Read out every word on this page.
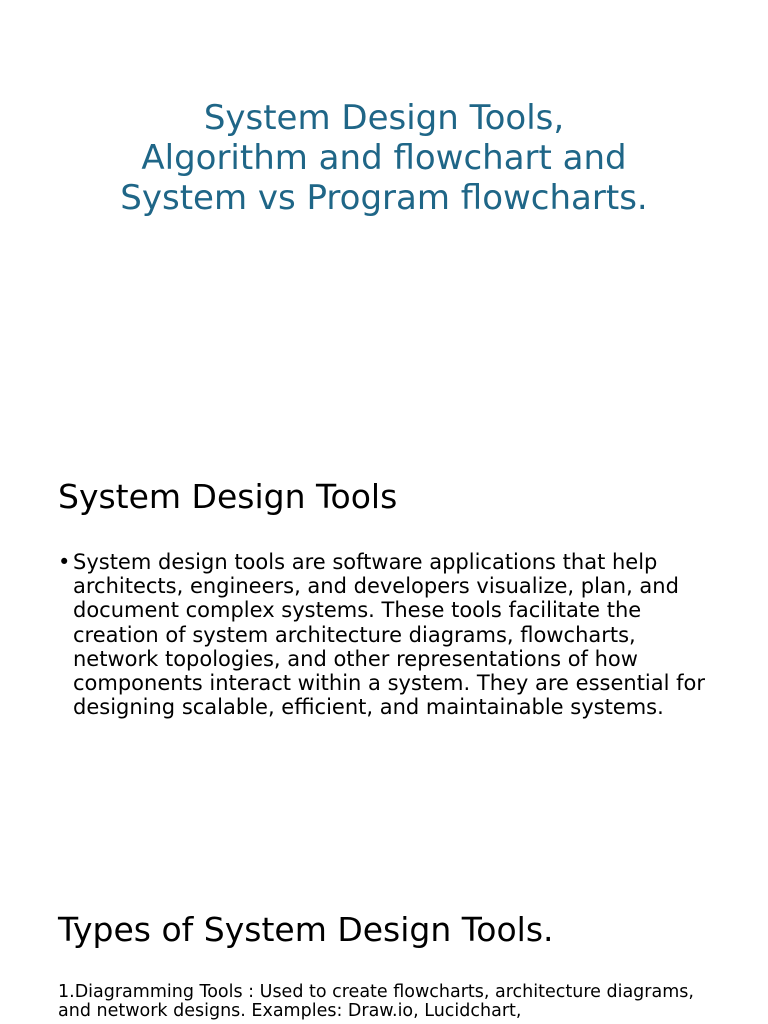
System Design Tools,
Algorithm and flowchart and
System vs Program flowcharts.
System Design Tools
• System design tools are software applications that help architects, engineers, and developers visualize, plan, and document complex systems. These tools facilitate the creation of system architecture diagrams, flowcharts, network topologies, and other representations of how components interact within a system. They are essential for designing scalable, efficient, and maintainable systems.
Types of System Design Tools.

1.Diagramming Tools : Used to create flowcharts, architecture diagrams, and network designs. Examples: Draw.io, Lucidchart,
